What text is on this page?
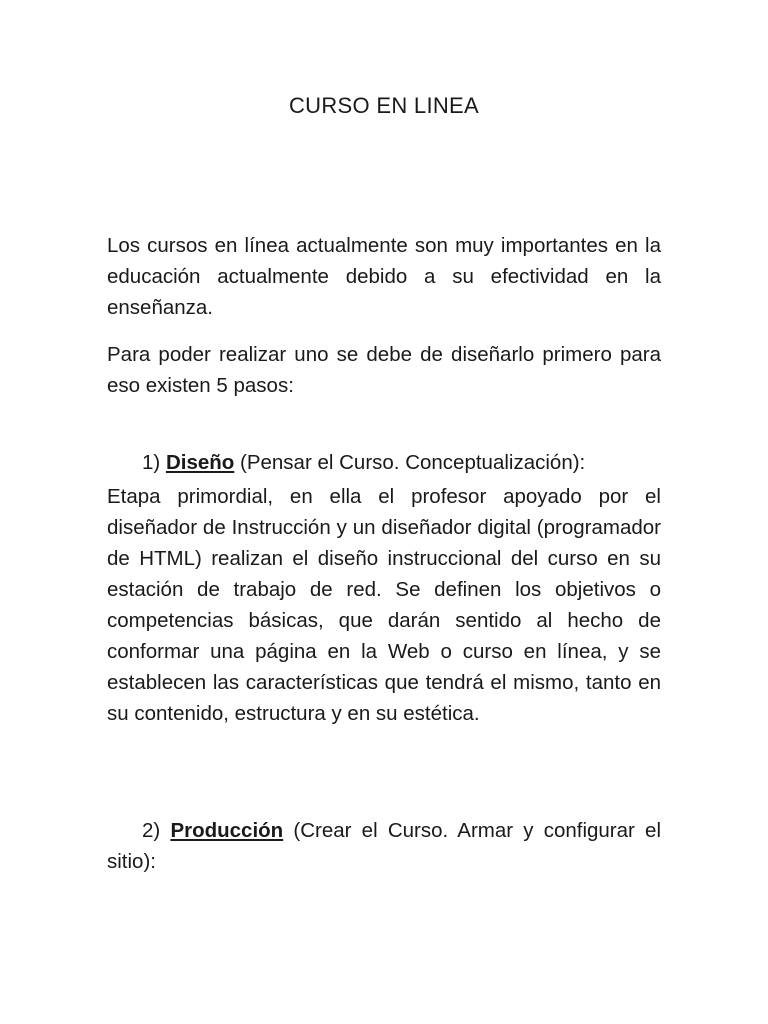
CURSO EN LINEA

Los cursos en línea actualmente son muy importantes en la educación actualmente debido a su efectividad en la enseñanza.

Para poder realizar uno se debe de diseñarlo primero para eso existen 5 pasos:

1) Diseño (Pensar el Curso. Conceptualización):

Etapa primordial, en ella el profesor apoyado por el diseñador de Instrucción y un diseñador digital (programador de HTML) realizan el diseño instruccional del curso en su estación de trabajo de red. Se definen los objetivos o competencias básicas, que darán sentido al hecho de conformar una página en la Web o curso en línea, y se establecen las características que tendrá el mismo, tanto en su contenido, estructura y en su estética.

2) Producción (Crear el Curso. Armar y configurar el sitio):
